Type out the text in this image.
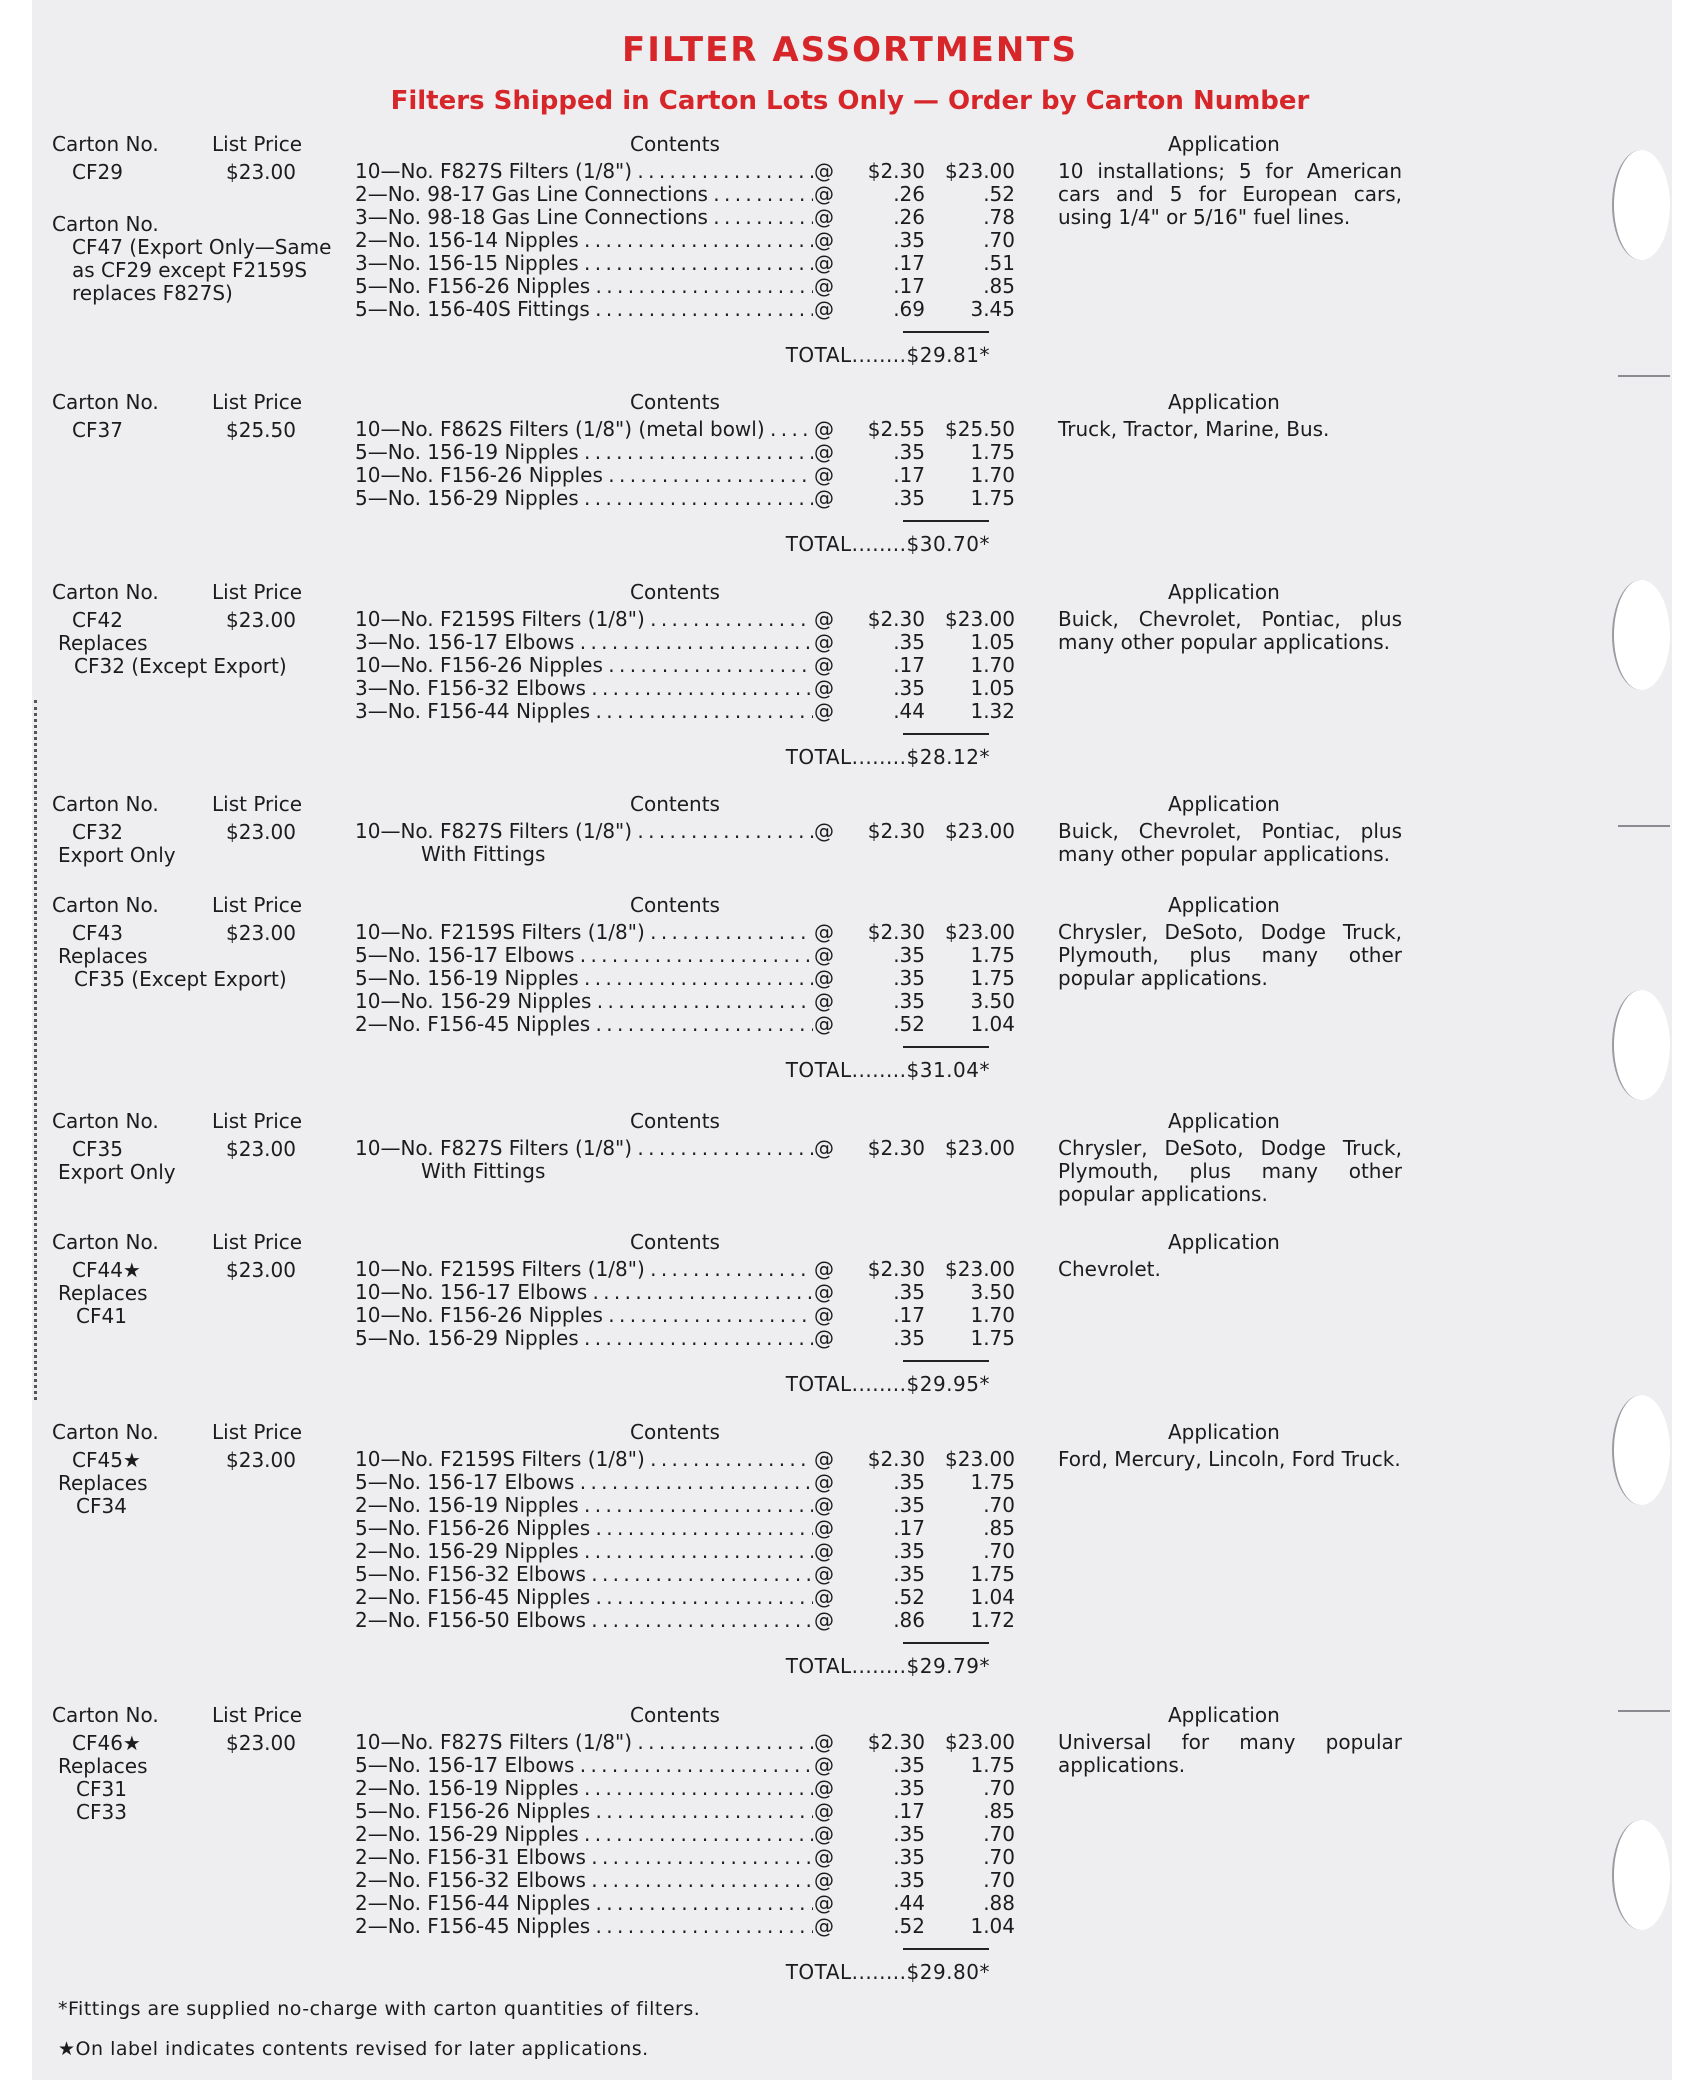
FILTER ASSORTMENTS
Filters Shipped in Carton Lots Only — Order by Carton Number
Carton No.	List Price	Contents	Application
CF29	$23.00
Carton No.
CF47 (Export Only—Same
as CF29 except F2159S
replaces F827S)
10—No. F827S Filters (1/8") . . .	@	$2.30	$23.00
2—No. 98-17 Gas Line Connections . . .	@	.26	.52
3—No. 98-18 Gas Line Connections . . .	@	.26	.78
2—No. 156-14 Nipples . . .	@	.35	.70
3—No. 156-15 Nipples . . .	@	.17	.51
5—No. F156-26 Nipples . . .	@	.17	.85
5—No. 156-40S Fittings . . .	@	.69	3.45
TOTAL........$29.81*
10 installations; 5 for American cars and 5 for European cars, using 1/4" or 5/16" fuel lines.
Carton No.	List Price	Contents	Application
CF37	$25.50	10—No. F862S Filters (1/8") (metal bowl) . . .	@	$2.55	$25.50
5—No. 156-19 Nipples . . .	@	.35	1.75
10—No. F156-26 Nipples . . .	@	.17	1.70
5—No. 156-29 Nipples . . .	@	.35	1.75
TOTAL........$30.70*
Truck, Tractor, Marine, Bus.
Carton No.	List Price	Contents	Application
CF42	$23.00
Replaces
CF32 (Except Export)
10—No. F2159S Filters (1/8") . . .	@	$2.30	$23.00
3—No. 156-17 Elbows . . .	@	.35	1.05
10—No. F156-26 Nipples . . .	@	.17	1.70
3—No. F156-32 Elbows . . .	@	.35	1.05
3—No. F156-44 Nipples . . .	@	.44	1.32
TOTAL........$28.12*
Buick, Chevrolet, Pontiac, plus many other popular applications.
Carton No.	List Price	Contents	Application
CF32	$23.00
Export Only
10—No. F827S Filters (1/8") . . .	@	$2.30	$23.00
With Fittings
Buick, Chevrolet, Pontiac, plus many other popular applications.
Carton No.	List Price	Contents	Application
CF43	$23.00
Replaces
CF35 (Except Export)
10—No. F2159S Filters (1/8") . . .	@	$2.30	$23.00
5—No. 156-17 Elbows . . .	@	.35	1.75
5—No. 156-19 Nipples . . .	@	.35	1.75
10—No. 156-29 Nipples . . .	@	.35	3.50
2—No. F156-45 Nipples . . .	@	.52	1.04
TOTAL........$31.04*
Chrysler, DeSoto, Dodge Truck, Plymouth, plus many other popular applications.
Carton No.	List Price	Contents	Application
CF35	$23.00
Export Only
10—No. F827S Filters (1/8") . . .	@	$2.30	$23.00
With Fittings
Chrysler, DeSoto, Dodge Truck, Plymouth, plus many other popular applications.
Carton No.	List Price	Contents	Application
CF44★	$23.00
Replaces
CF41
10—No. F2159S Filters (1/8") . . .	@	$2.30	$23.00
10—No. 156-17 Elbows . . .	@	.35	3.50
10—No. F156-26 Nipples . . .	@	.17	1.70
5—No. 156-29 Nipples . . .	@	.35	1.75
TOTAL........$29.95*
Chevrolet.
Carton No.	List Price	Contents	Application
CF45★	$23.00
Replaces
CF34
10—No. F2159S Filters (1/8") . . .	@	$2.30	$23.00
5—No. 156-17 Elbows . . .	@	.35	1.75
2—No. 156-19 Nipples . . .	@	.35	.70
5—No. F156-26 Nipples . . .	@	.17	.85
2—No. 156-29 Nipples . . .	@	.35	.70
5—No. F156-32 Elbows . . .	@	.35	1.75
2—No. F156-45 Nipples . . .	@	.52	1.04
2—No. F156-50 Elbows . . .	@	.86	1.72
TOTAL........$29.79*
Ford, Mercury, Lincoln, Ford Truck.
Carton No.	List Price	Contents	Application
CF46★	$23.00
Replaces
CF31
CF33
10—No. F827S Filters (1/8") . . .	@	$2.30	$23.00
5—No. 156-17 Elbows . . .	@	.35	1.75
2—No. 156-19 Nipples . . .	@	.35	.70
5—No. F156-26 Nipples . . .	@	.17	.85
2—No. 156-29 Nipples . . .	@	.35	.70
2—No. F156-31 Elbows . . .	@	.35	.70
2—No. F156-32 Elbows . . .	@	.35	.70
2—No. F156-44 Nipples . . .	@	.44	.88
2—No. F156-45 Nipples . . .	@	.52	1.04
TOTAL........$29.80*
Universal for many popular applications.
*Fittings are supplied no-charge with carton quantities of filters.
★On label indicates contents revised for later applications.
